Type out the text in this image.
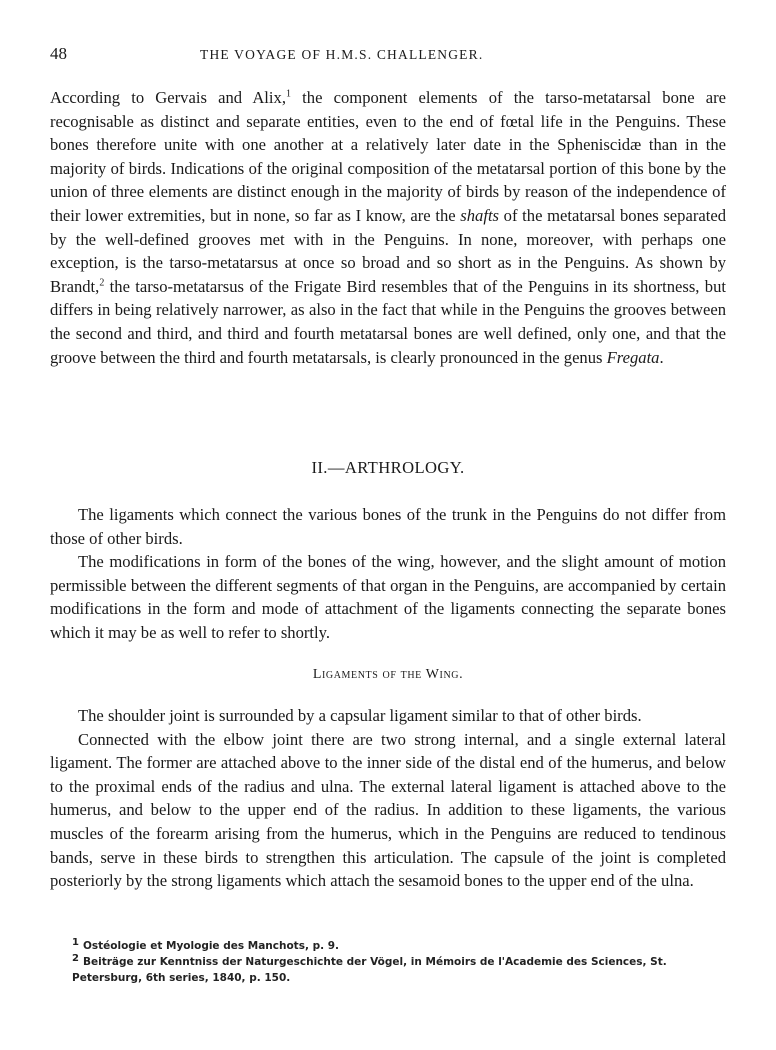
48	THE VOYAGE OF H.M.S. CHALLENGER.

According to Gervais and Alix,$^1$ the component elements of the tarso-metatarsal bone are recognisable as distinct and separate entities, even to the end of fœtal life in the Penguins. These bones therefore unite with one another at a relatively later date in the Spheniscidæ than in the majority of birds. Indications of the original composition of the metatarsal portion of this bone by the union of three elements are distinct enough in the majority of birds by reason of the independence of their lower extremities, but in none, so far as I know, are the shafts of the metatarsal bones separated by the well-defined grooves met with in the Penguins. In none, moreover, with perhaps one exception, is the tarso-metatarsus at once so broad and so short as in the Penguins. As shown by Brandt,$^2$ the tarso-metatarsus of the Frigate Bird resembles that of the Penguins in its shortness, but differs in being relatively narrower, as also in the fact that while in the Penguins the grooves between the second and third, and third and fourth metatarsal bones are well defined, only one, and that the groove between the third and fourth metatarsals, is clearly pronounced in the genus Fregata.

II.—ARTHROLOGY.

The ligaments which connect the various bones of the trunk in the Penguins do not differ from those of other birds.

The modifications in form of the bones of the wing, however, and the slight amount of motion permissible between the different segments of that organ in the Penguins, are accompanied by certain modifications in the form and mode of attachment of the ligaments connecting the separate bones which it may be as well to refer to shortly.

Ligaments of the Wing.

The shoulder joint is surrounded by a capsular ligament similar to that of other birds.

Connected with the elbow joint there are two strong internal, and a single external lateral ligament. The former are attached above to the inner side of the distal end of the humerus, and below to the proximal ends of the radius and ulna. The external lateral ligament is attached above to the humerus, and below to the upper end of the radius. In addition to these ligaments, the various muscles of the forearm arising from the humerus, which in the Penguins are reduced to tendinous bands, serve in these birds to strengthen this articulation. The capsule of the joint is completed posteriorly by the strong ligaments which attach the sesamoid bones to the upper end of the ulna.

$^1$ Ostéologie et Myologie des Manchots, p. 9.

$^2$ Beiträge zur Kenntniss der Naturgeschichte der Vögel, in Mémoirs de l'Academie des Sciences, St. Petersburg, 6th series, 1840, p. 150.
